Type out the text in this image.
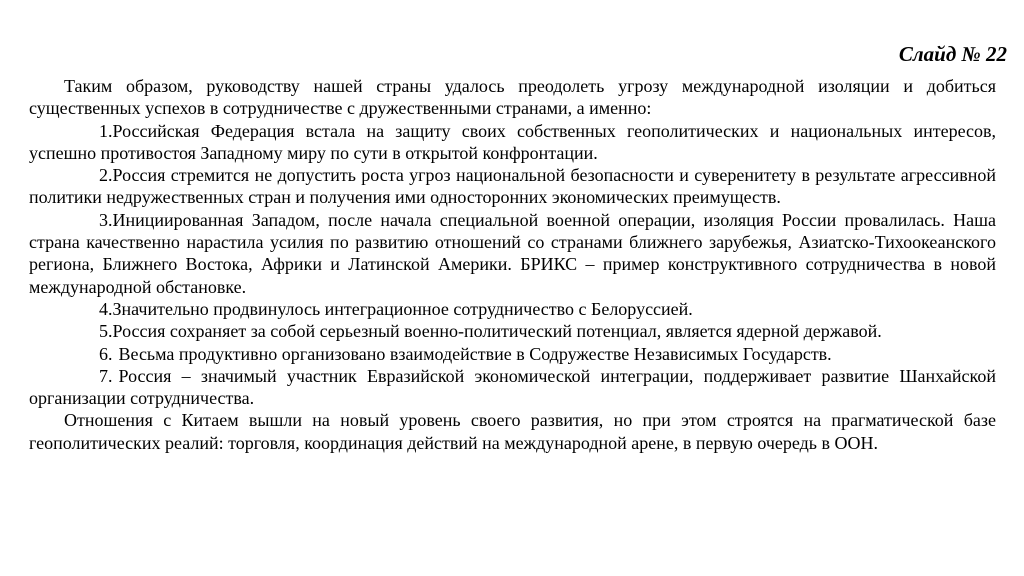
Слайд № 22

Таким образом, руководству нашей страны удалось преодолеть угрозу международной изоляции и добиться существенных успехов в сотрудничестве с дружественными странами, а именно:

1.Российская Федерация встала на защиту своих собственных геополитических и национальных интересов, успешно противостоя Западному миру по сути в открытой конфронтации.

2.Россия стремится не допустить роста угроз национальной безопасности и суверенитету в результате агрессивной политики недружественных стран и получения ими односторонних экономических преимуществ.

3.Инициированная Западом, после начала специальной военной операции, изоляция России провалилась. Наша страна качественно нарастила усилия по развитию отношений со странами ближнего зарубежья, Азиатско-Тихоокеанского региона, Ближнего Востока, Африки и Латинской Америки. БРИКС – пример конструктивного сотрудничества в новой международной обстановке.

4.Значительно продвинулось интеграционное сотрудничество с Белоруссией.

5.Россия сохраняет за собой серьезный военно-политический потенциал, является ядерной державой.

6. Весьма продуктивно организовано взаимодействие в Содружестве Независимых Государств.

7. Россия – значимый участник Евразийской экономической интеграции, поддерживает развитие Шанхайской организации сотрудничества.

Отношения с Китаем вышли на новый уровень своего развития, но при этом строятся на прагматической базе геополитических реалий: торговля, координация действий на международной арене, в первую очередь в ООН.
